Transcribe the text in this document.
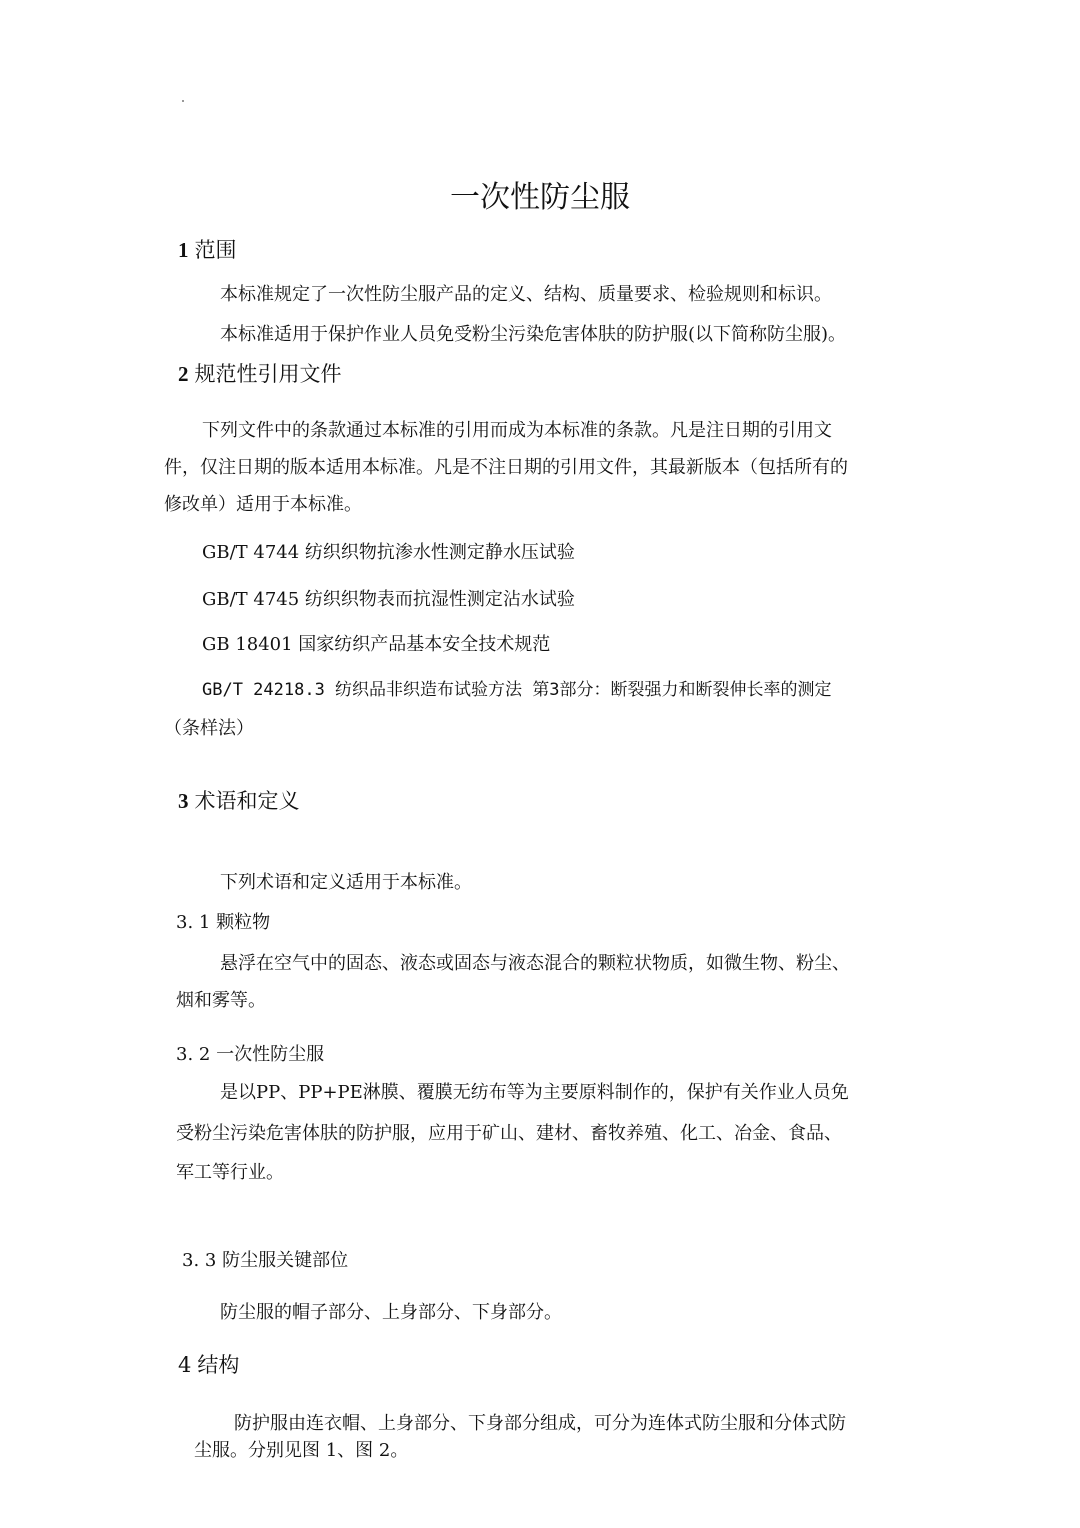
一次性防尘服
1 范围
本标准规定了一次性防尘服产品的定义、结构、质量要求、检验规则和标识。
本标准适用于保护作业人员免受粉尘污染危害体肤的防护服(以下简称防尘服)。
2 规范性引用文件
下列文件中的条款通过本标准的引用而成为本标准的条款。凡是注日期的引用文
件，仅注日期的版本适用本标准。凡是不注日期的引用文件，其最新版本（包括所有的
修改单）适用于本标准。
GB/T 4744 纺织织物抗渗水性测定静水压试验
GB/T 4745 纺织织物表而抗湿性测定沾水试验
GB 18401 国家纺织产品基本安全技术规范
GB/T 24218.3 纺织品非织造布试验方法 第3部分：断裂强力和断裂伸长率的测定
（条样法）
3 术语和定义
下列术语和定义适用于本标准。
3. 1 颗粒物
悬浮在空气中的固态、液态或固态与液态混合的颗粒状物质，如微生物、粉尘、
烟和雾等。
3. 2 一次性防尘服
是以PP、PP+PE淋膜、覆膜无纺布等为主要原料制作的，保护有关作业人员免
受粉尘污染危害体肤的防护服，应用于矿山、建材、畜牧养殖、化工、冶金、食品、
军工等行业。
3. 3 防尘服关键部位
防尘服的帽子部分、上身部分、下身部分。
4 结构
防护服由连衣帽、上身部分、下身部分组成，可分为连体式防尘服和分体式防
尘服。分别见图 1、图 2。
